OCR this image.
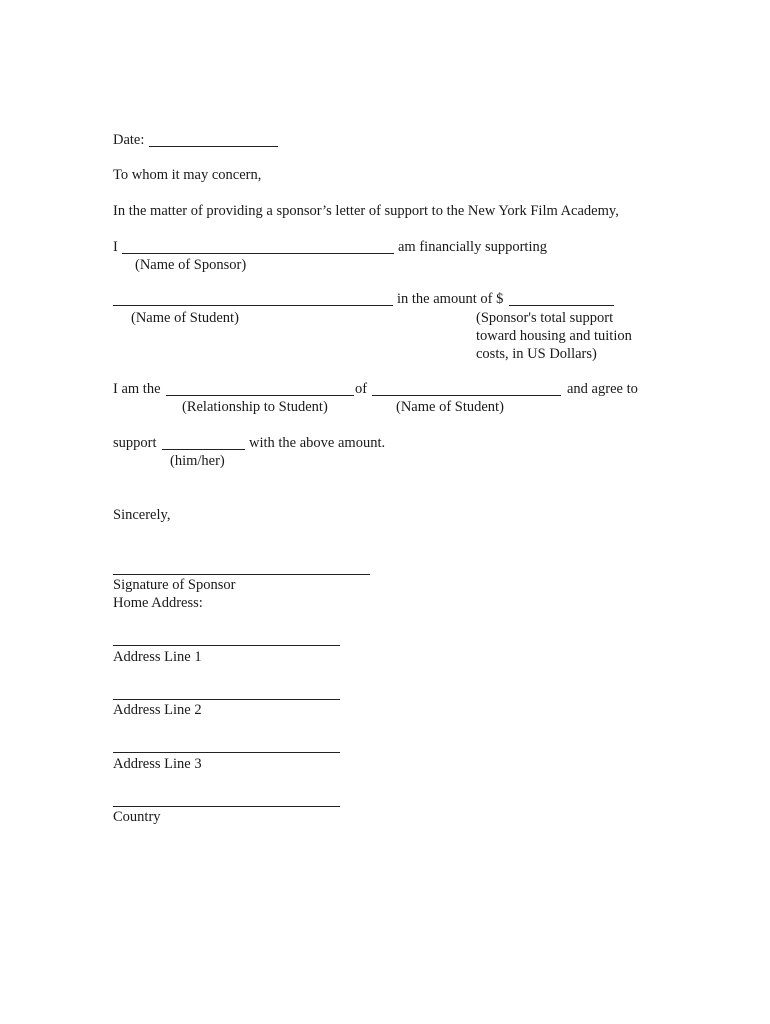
Date:
To whom it may concern,
In the matter of providing a sponsor’s letter of support to the New York Film Academy,
I	am financially supporting
(Name of Sponsor)
in the amount of $
(Name of Student)	(Sponsor's total support
toward housing and tuition
costs, in US Dollars)
I am the	of	and agree to
(Relationship to Student)	(Name of Student)
support	with the above amount.
(him/her)
Sincerely,
Signature of Sponsor
Home Address:
Address Line 1
Address Line 2
Address Line 3
Country
